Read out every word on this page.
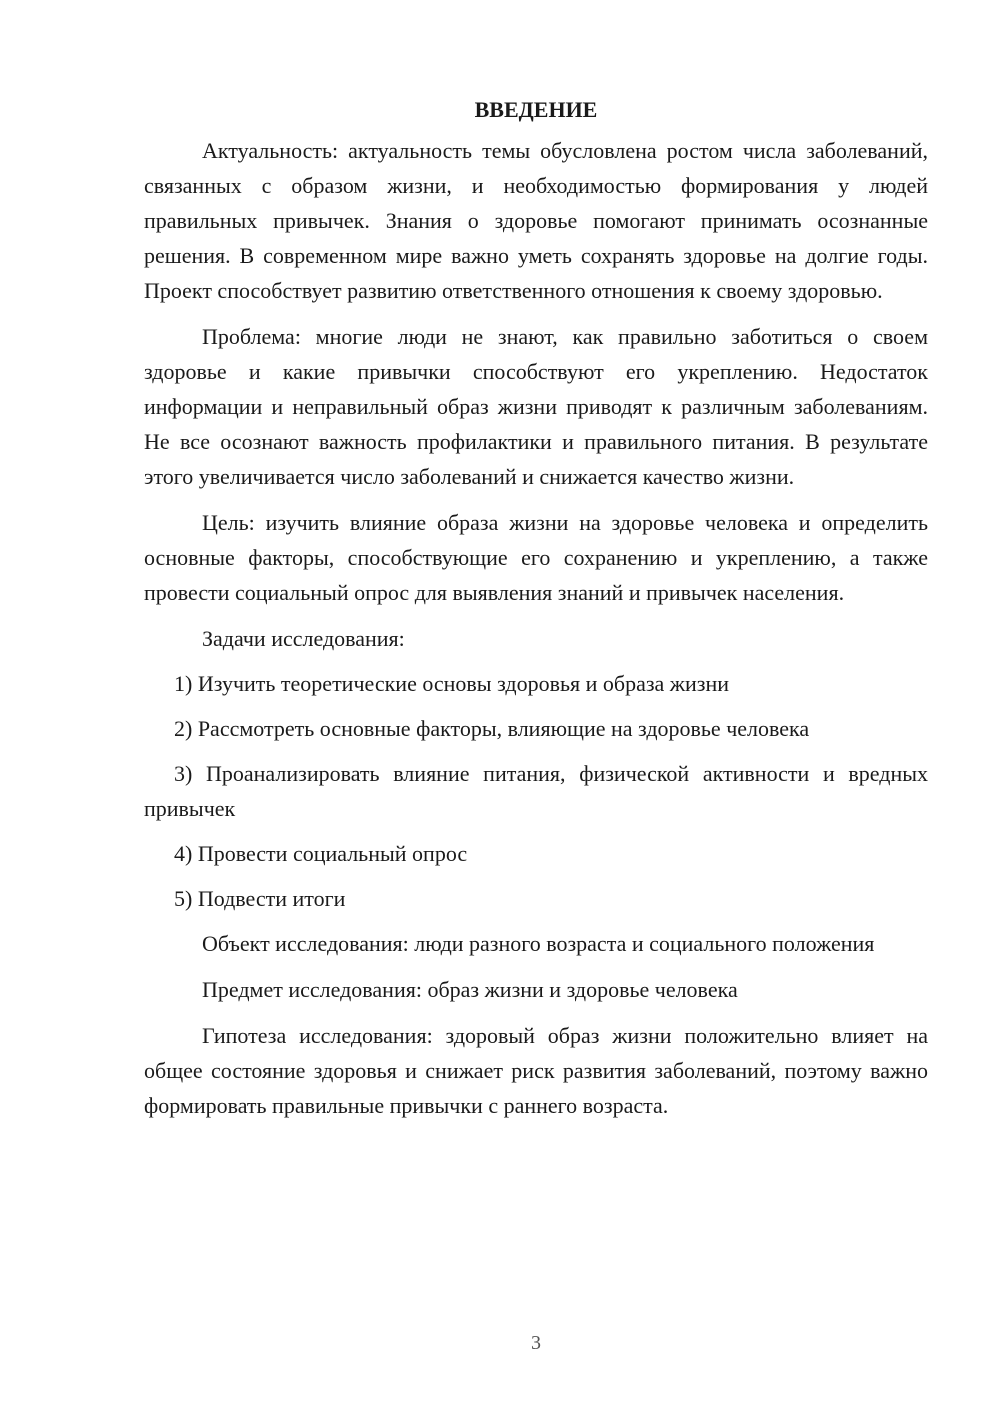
ВВЕДЕНИЕ

Актуальность: актуальность темы обусловлена ростом числа заболеваний, связанных с образом жизни, и необходимостью формирования у людей правильных привычек. Знания о здоровье помогают принимать осознанные решения. В современном мире важно уметь сохранять здоровье на долгие годы. Проект способствует развитию ответственного отношения к своему здоровью.

Проблема: многие люди не знают, как правильно заботиться о своем здоровье и какие привычки способствуют его укреплению. Недостаток информации и неправильный образ жизни приводят к различным заболеваниям. Не все осознают важность профилактики и правильного питания. В результате этого увеличивается число заболеваний и снижается качество жизни.

Цель: изучить влияние образа жизни на здоровье человека и определить основные факторы, способствующие его сохранению и укреплению, а также провести социальный опрос для выявления знаний и привычек населения.

Задачи исследования:

1) Изучить теоретические основы здоровья и образа жизни

2) Рассмотреть основные факторы, влияющие на здоровье человека

3) Проанализировать влияние питания, физической активности и вредных привычек

4) Провести социальный опрос

5) Подвести итоги

Объект исследования: люди разного возраста и социального положения

Предмет исследования: образ жизни и здоровье человека

Гипотеза исследования: здоровый образ жизни положительно влияет на общее состояние здоровья и снижает риск развития заболеваний, поэтому важно формировать правильные привычки с раннего возраста.

3
